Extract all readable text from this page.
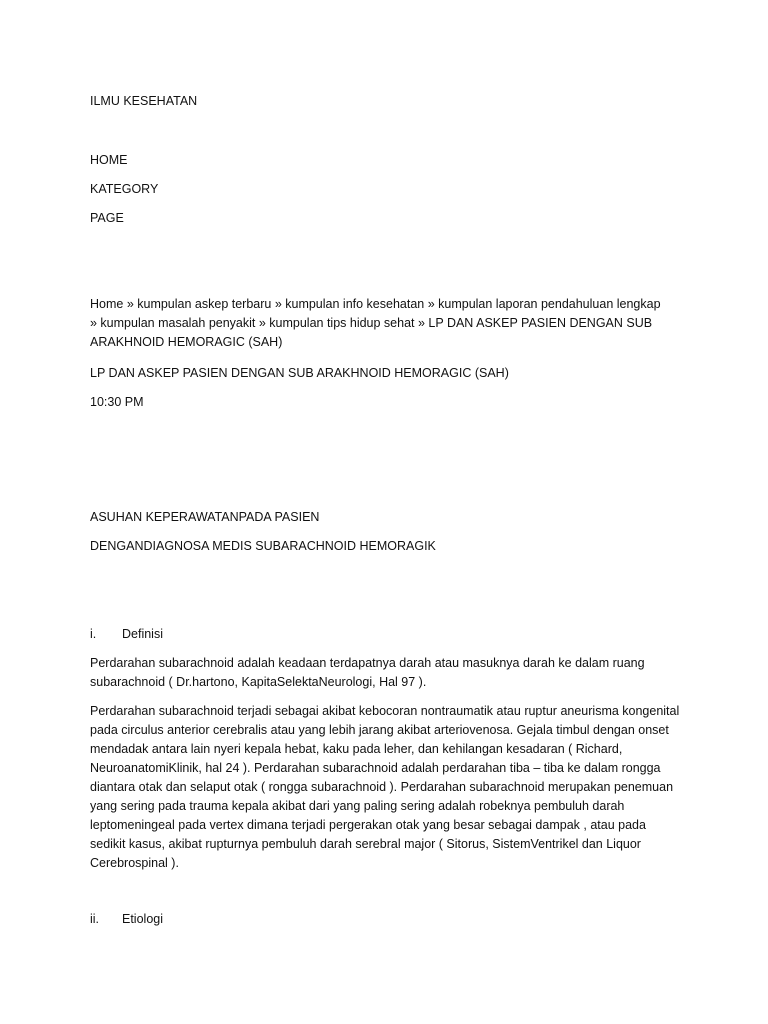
ILMU KESEHATAN
HOME
KATEGORY
PAGE
Home » kumpulan askep terbaru » kumpulan info kesehatan » kumpulan laporan pendahuluan lengkap
» kumpulan masalah penyakit » kumpulan tips hidup sehat » LP DAN ASKEP PASIEN DENGAN SUB
ARAKHNOID HEMORAGIC (SAH)
LP DAN ASKEP PASIEN DENGAN SUB ARAKHNOID HEMORAGIC (SAH)
10:30 PM
ASUHAN KEPERAWATANPADA PASIEN
DENGANDIAGNOSA MEDIS SUBARACHNOID HEMORAGIK
i. Definisi
Perdarahan subarachnoid adalah keadaan terdapatnya darah atau masuknya darah ke dalam ruang subarachnoid ( Dr.hartono, KapitaSelektaNeurologi, Hal 97 ).
Perdarahan subarachnoid terjadi sebagai akibat kebocoran nontraumatik atau ruptur aneurisma kongenital pada circulus anterior cerebralis atau yang lebih jarang akibat arteriovenosa. Gejala timbul dengan onset mendadak antara lain nyeri kepala hebat, kaku pada leher, dan kehilangan kesadaran ( Richard, NeuroanatomiKlinik, hal 24 ). Perdarahan subarachnoid adalah perdarahan tiba – tiba ke dalam rongga diantara otak dan selaput otak ( rongga subarachnoid ). Perdarahan subarachnoid merupakan penemuan yang sering pada trauma kepala akibat dari yang paling sering adalah robeknya pembuluh darah leptomeningeal pada vertex dimana terjadi pergerakan otak yang besar sebagai dampak , atau pada sedikit kasus, akibat rupturnya pembuluh darah serebral major ( Sitorus, SistemVentrikel dan Liquor Cerebrospinal ).
ii. Etiologi
